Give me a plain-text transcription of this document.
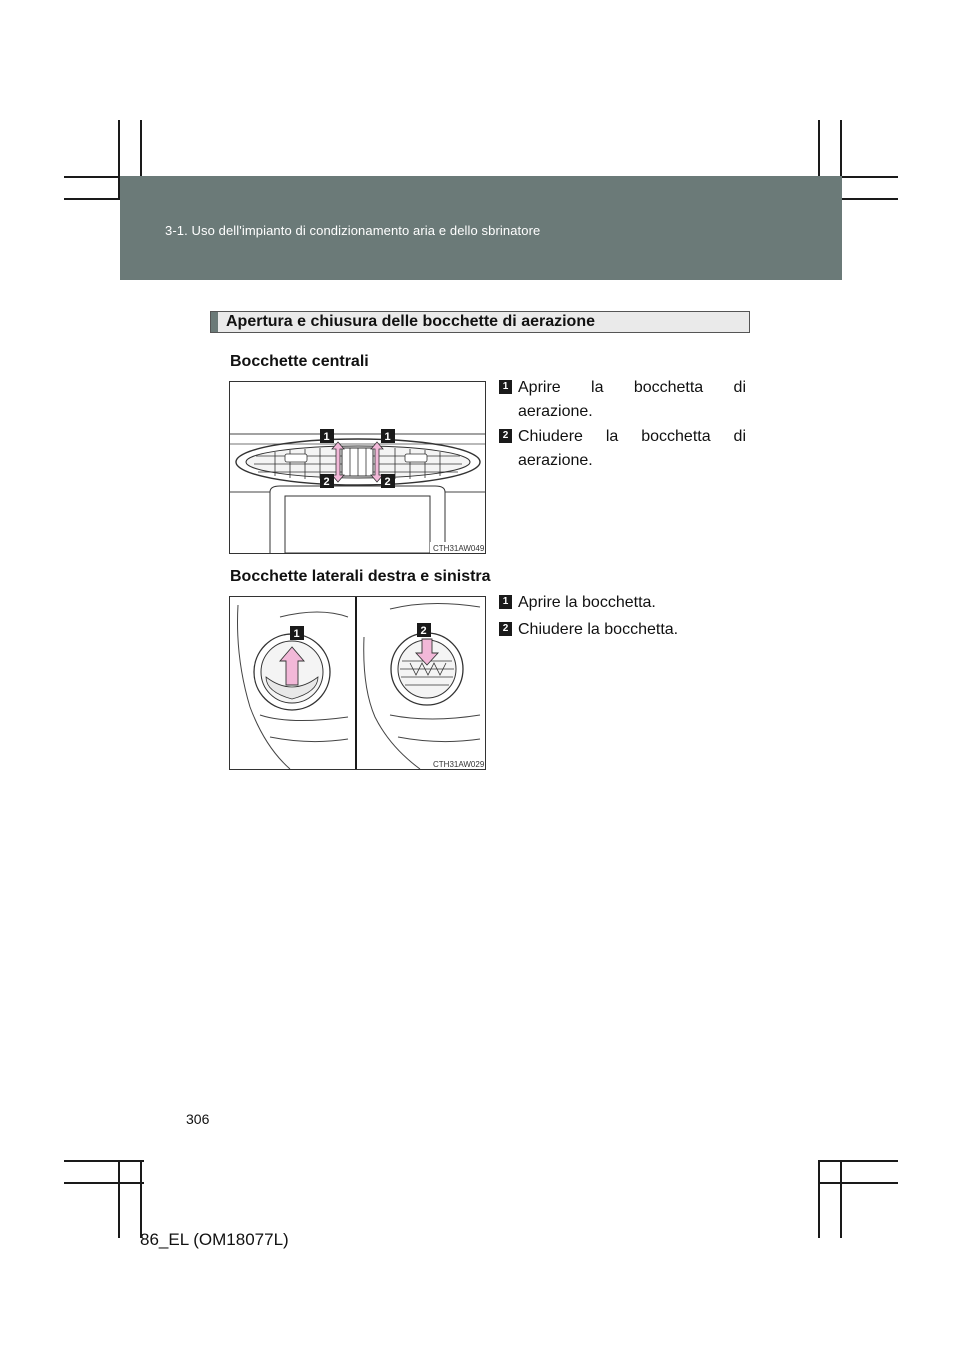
3-1. Uso dell'impianto di condizionamento aria e dello sbrinatore
Apertura e chiusura delle bocchette di aerazione
Bocchette centrali
1	1
2	2
CTH31AW049
1 Aprire la bocchetta di aerazione.
2 Chiudere la bocchetta di aerazione.
Bocchette laterali destra e sinistra
1	2
CTH31AW029
1 Aprire la bocchetta.
2 Chiudere la bocchetta.
306
86_EL (OM18077L)
